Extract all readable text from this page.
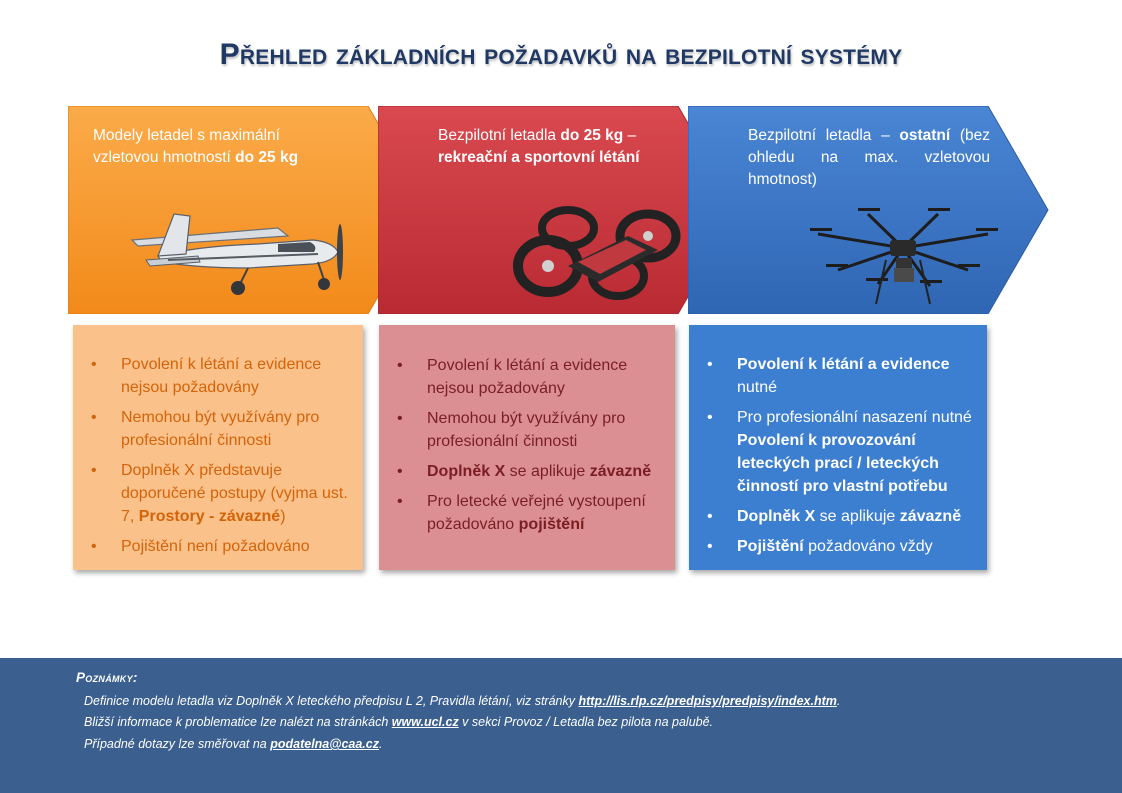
Přehled základních požadavků na bezpilotní systémy
Modely letadel s maximální vzletovou hmotností do 25 kg
Bezpilotní letadla do 25 kg – rekreační a sportovní létání
Bezpilotní letadla – ostatní (bez ohledu na max. vzletovou hmotnost)
• Povolení k létání a evidence nejsou požadovány
• Nemohou být využívány pro profesionální činnosti
• Doplněk X představuje doporučené postupy (vyjma ust. 7, Prostory - závazné)
• Pojištění není požadováno
• Povolení k létání a evidence nejsou požadovány
• Nemohou být využívány pro profesionální činnosti
• Doplněk X se aplikuje závazně
• Pro letecké veřejné vystoupení požadováno pojištění
• Povolení k létání a evidence nutné
• Pro profesionální nasazení nutné Povolení k provozování leteckých prací / leteckých činností pro vlastní potřebu
• Doplněk X se aplikuje závazně
• Pojištění požadováno vždy
Poznámky:
Definice modelu letadla viz Doplněk X leteckého předpisu L 2, Pravidla létání, viz stránky http://lis.rlp.cz/predpisy/predpisy/index.htm.
Bližší informace k problematice lze nalézt na stránkách www.ucl.cz v sekci Provoz / Letadla bez pilota na palubě.
Případné dotazy lze směřovat na podatelna@caa.cz.
